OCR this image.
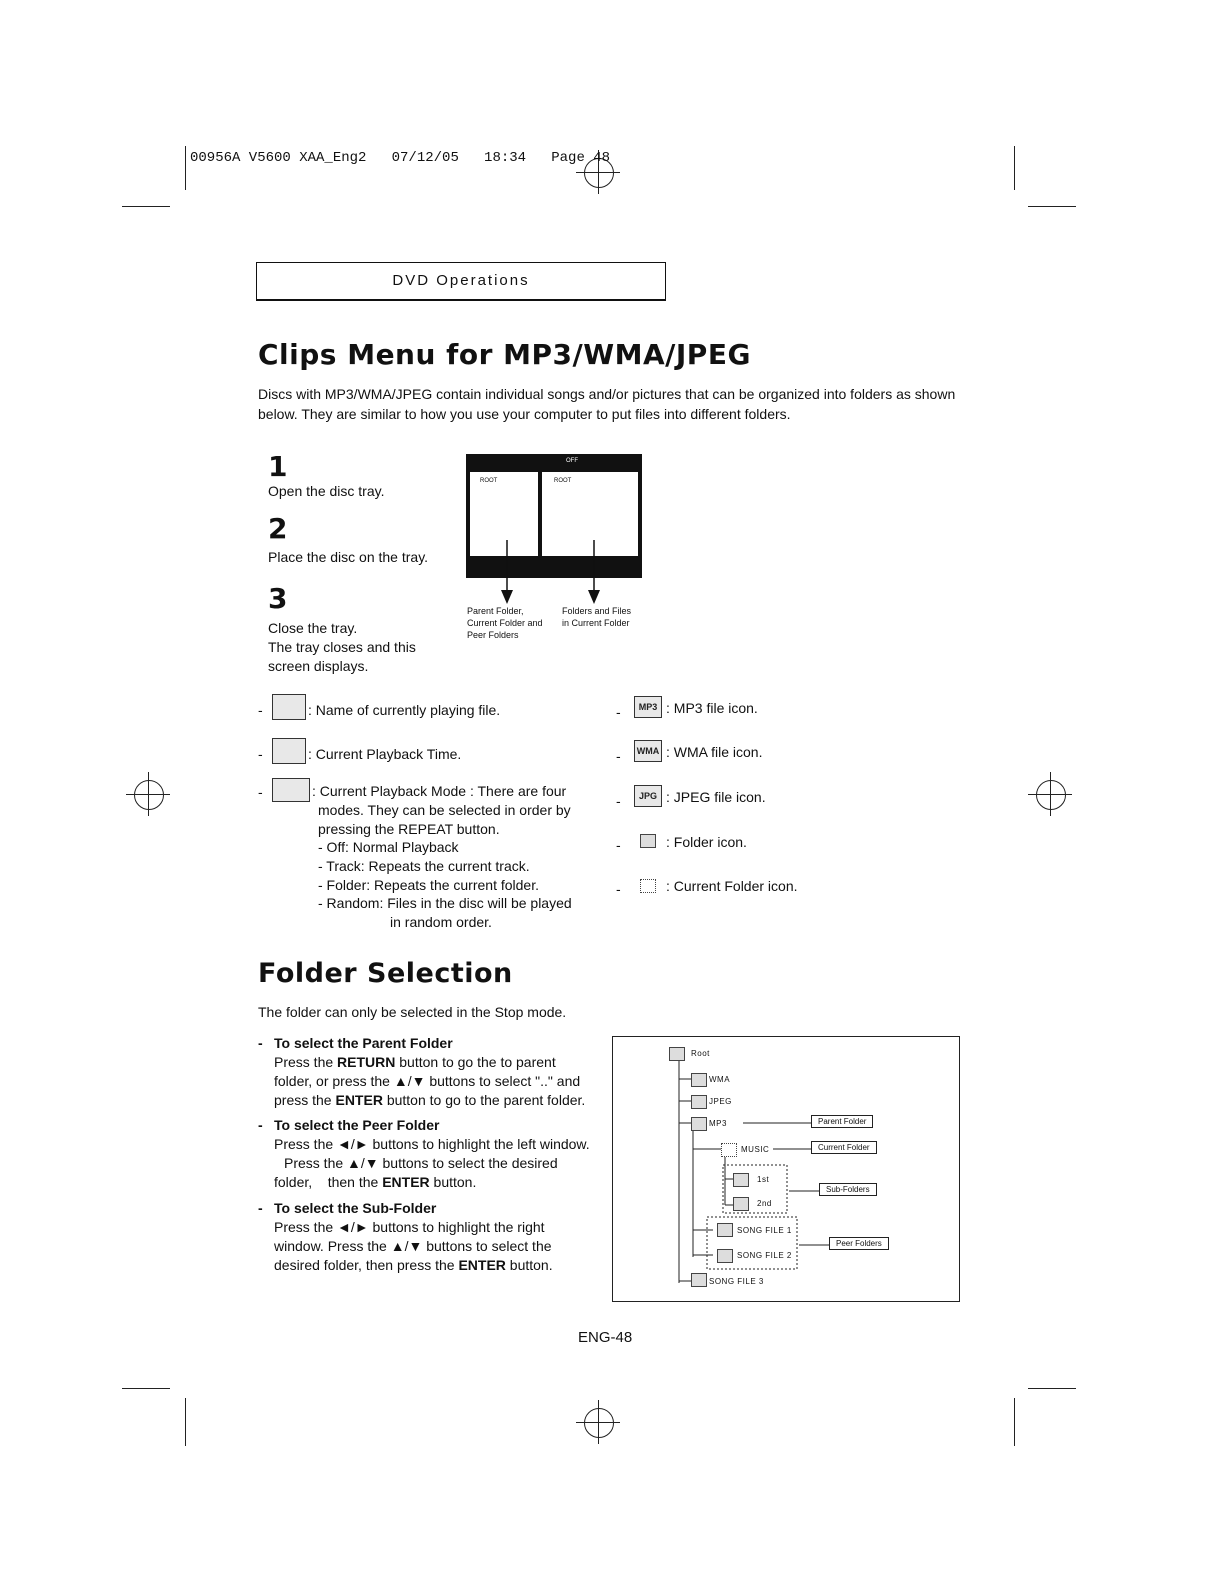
00956A V5600 XAA_Eng2   07/12/05   18:34   Page 48
DVD Operations
Clips Menu for MP3/WMA/JPEG
Discs with MP3/WMA/JPEG contain individual songs and/or pictures that can be organized into folders as shown below. They are similar to how you use your computer to put files into different folders.
1
Open the disc tray.
2
Place the disc on the tray.
3
Close the tray.
The tray closes and this
screen displays.
ROOT	ROOT
OFF
Parent Folder,
Current Folder and
Peer Folders
Folders and Files
in Current Folder
-	: Name of currently playing file.
-	: Current Playback Time.
-	: Current Playback Mode : There are four
modes. They can be selected in order by
pressing the REPEAT button.
- Off: Normal Playback
- Track: Repeats the current track.
- Folder: Repeats the current folder.
- Random: Files in the disc will be played
in random order.
-	MP3 : MP3 file icon.
-	WMA : WMA file icon.
-	JPG : JPEG file icon.
-	: Folder icon.
-	: Current Folder icon.
Folder Selection
The folder can only be selected in the Stop mode.
- To select the Parent Folder
Press the RETURN button to go the to parent
folder, or press the ▲/▼ buttons to select ".." and
press the ENTER button to go to the parent folder.
- To select the Peer Folder
Press the ◄/► buttons to highlight the left window.
Press the ▲/▼ buttons to select the desired
folder,    then the ENTER button.
- To select the Sub-Folder
Press the ◄/► buttons to highlight the right
window. Press the ▲/▼ buttons to select the
desired folder, then press the ENTER button.
Root
WMA
JPEG
MP3
MUSIC
1st
2nd
SONG FILE 1
SONG FILE 2
SONG FILE 3
Parent Folder
Current Folder
Sub-Folders
Peer Folders
ENG-48
